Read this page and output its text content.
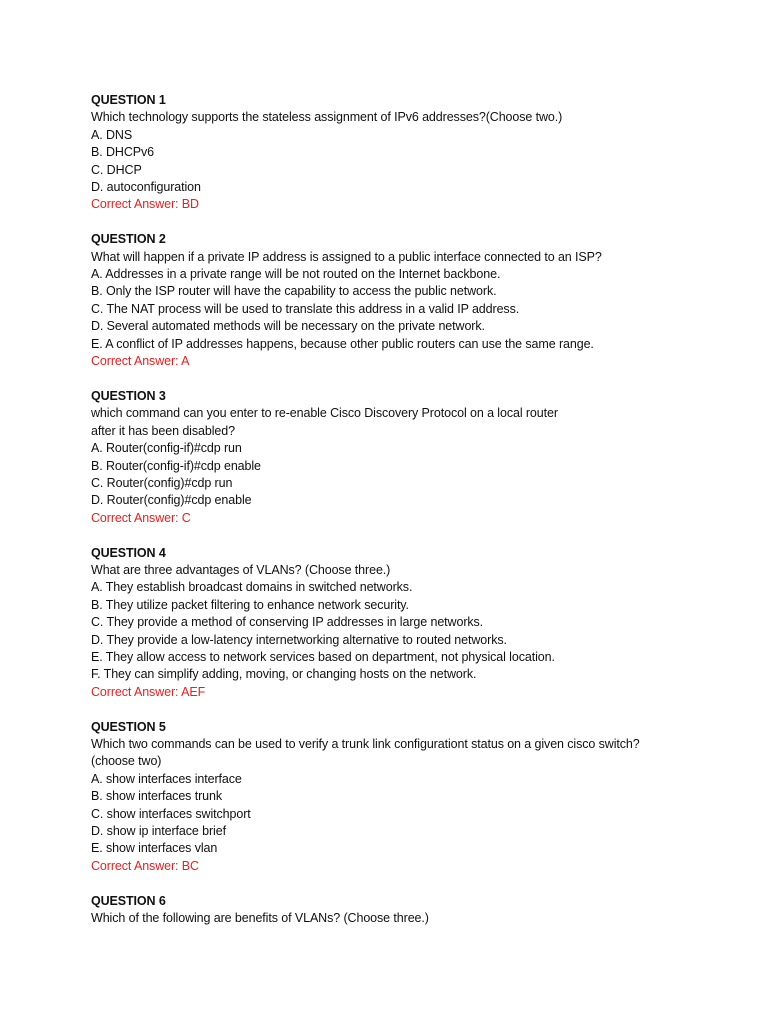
QUESTION 1
Which technology supports the stateless assignment of IPv6 addresses?(Choose two.)
A. DNS
B. DHCPv6
C. DHCP
D. autoconfiguration
Correct Answer: BD
QUESTION 2
What will happen if a private IP address is assigned to a public interface connected to an ISP?
A. Addresses in a private range will be not routed on the Internet backbone.
B. Only the ISP router will have the capability to access the public network.
C. The NAT process will be used to translate this address in a valid IP address.
D. Several automated methods will be necessary on the private network.
E. A conflict of IP addresses happens, because other public routers can use the same range.
Correct Answer: A
QUESTION 3
which command can you enter to re-enable Cisco Discovery Protocol on a local router
after it has been disabled?
A. Router(config-if)#cdp run
B. Router(config-if)#cdp enable
C. Router(config)#cdp run
D. Router(config)#cdp enable
Correct Answer: C
QUESTION 4
What are three advantages of VLANs? (Choose three.)
A. They establish broadcast domains in switched networks.
B. They utilize packet filtering to enhance network security.
C. They provide a method of conserving IP addresses in large networks.
D. They provide a low-latency internetworking alternative to routed networks.
E. They allow access to network services based on department, not physical location.
F. They can simplify adding, moving, or changing hosts on the network.
Correct Answer: AEF
QUESTION 5
Which two commands can be used to verify a trunk link configurationt status on a given cisco switch?
(choose two)
A. show interfaces interface
B. show interfaces trunk
C. show interfaces switchport
D. show ip interface brief
E. show interfaces vlan
Correct Answer: BC
QUESTION 6
Which of the following are benefits of VLANs? (Choose three.)
